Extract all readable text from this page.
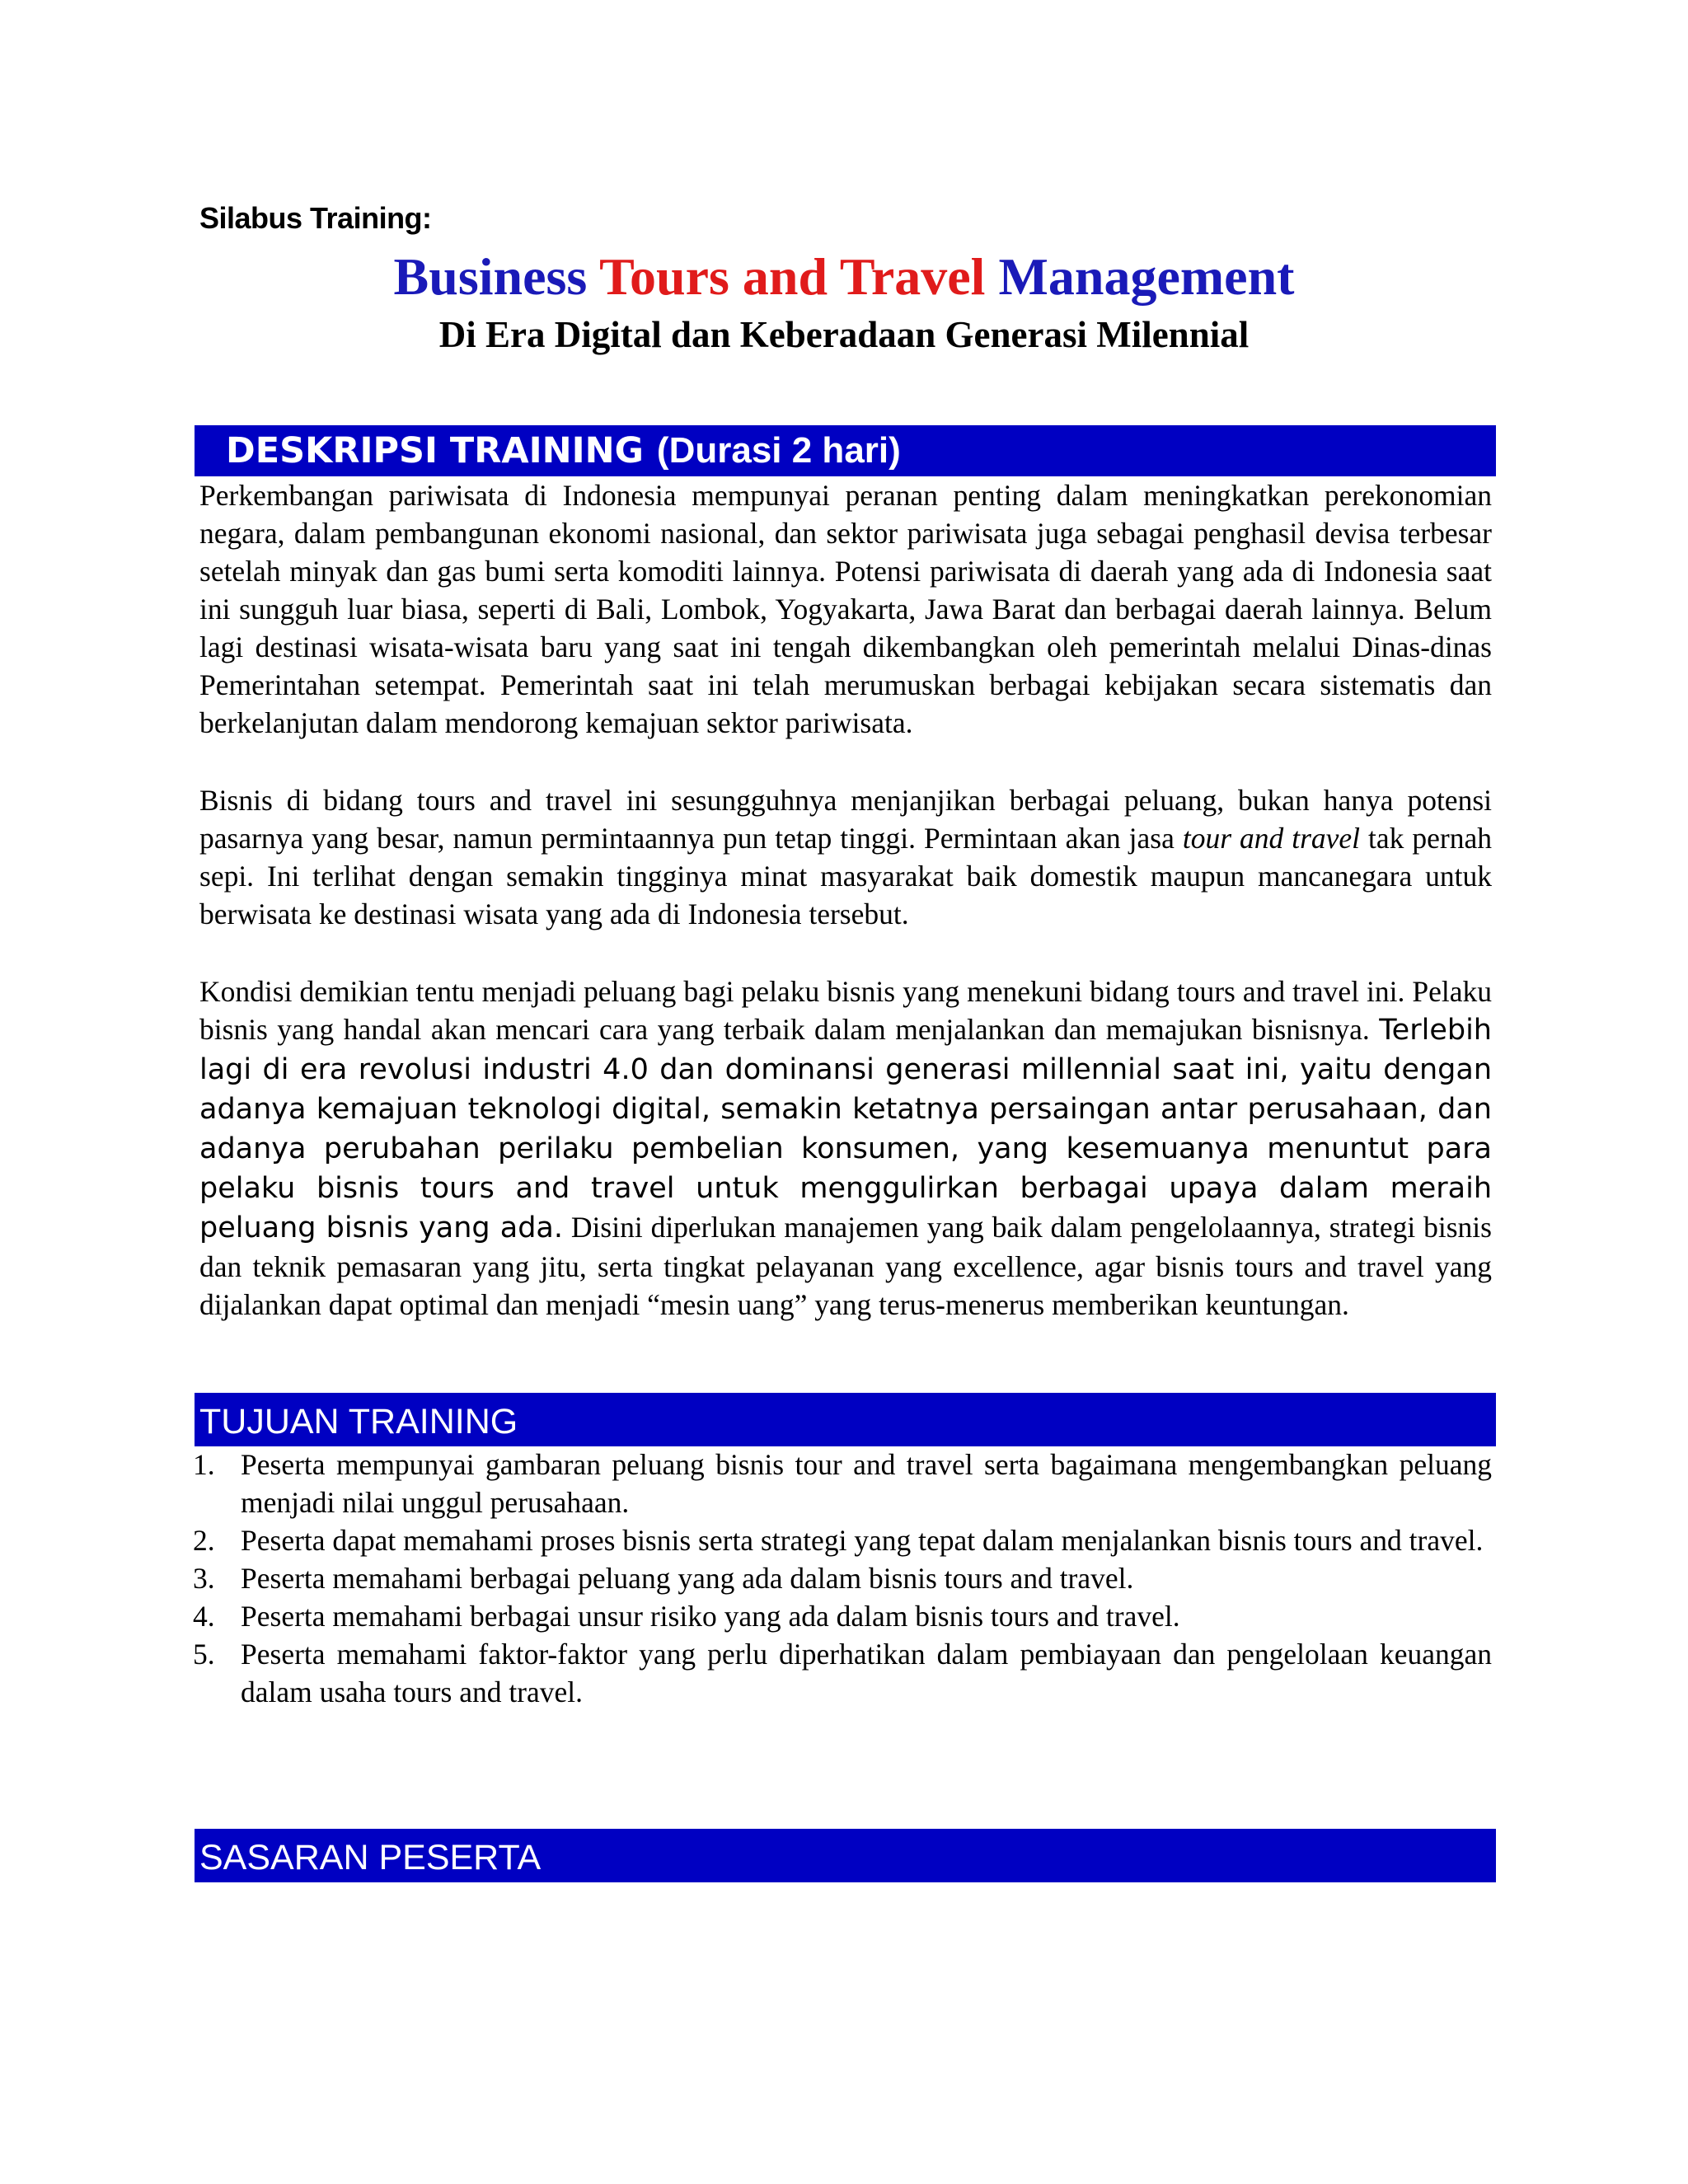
Silabus Training:
Business Tours and Travel Management
Di Era Digital dan Keberadaan Generasi Milennial
DESKRIPSI TRAINING (Durasi 2 hari)
Perkembangan pariwisata di Indonesia mempunyai peranan penting dalam meningkatkan perekonomian negara, dalam pembangunan ekonomi nasional, dan sektor pariwisata juga sebagai penghasil devisa terbesar setelah minyak dan gas bumi serta komoditi lainnya. Potensi pariwisata di daerah yang ada di Indonesia saat ini sungguh luar biasa, seperti di Bali, Lombok, Yogyakarta, Jawa Barat dan berbagai daerah lainnya. Belum lagi destinasi wisata-wisata baru yang saat ini tengah dikembangkan oleh pemerintah melalui Dinas-dinas Pemerintahan setempat. Pemerintah saat ini telah merumuskan berbagai kebijakan secara sistematis dan berkelanjutan dalam mendorong kemajuan sektor pariwisata.
Bisnis di bidang tours and travel ini sesungguhnya menjanjikan berbagai peluang, bukan hanya potensi pasarnya yang besar, namun permintaannya pun tetap tinggi. Permintaan akan jasa tour and travel tak pernah sepi. Ini terlihat dengan semakin tingginya minat masyarakat baik domestik maupun mancanegara untuk berwisata ke destinasi wisata yang ada di Indonesia tersebut.
Kondisi demikian tentu menjadi peluang bagi pelaku bisnis yang menekuni bidang tours and travel ini. Pelaku bisnis yang handal akan mencari cara yang terbaik dalam menjalankan dan memajukan bisnisnya. Terlebih lagi di era revolusi industri 4.0 dan dominansi generasi millennial saat ini, yaitu dengan adanya kemajuan teknologi digital, semakin ketatnya persaingan antar perusahaan, dan adanya perubahan perilaku pembelian konsumen, yang kesemuanya menuntut para pelaku bisnis tours and travel untuk menggulirkan berbagai upaya dalam meraih peluang bisnis yang ada. Disini diperlukan manajemen yang baik dalam pengelolaannya, strategi bisnis dan teknik pemasaran yang jitu, serta tingkat pelayanan yang excellence, agar bisnis tours and travel yang dijalankan dapat optimal dan menjadi “mesin uang” yang terus-menerus memberikan keuntungan.
TUJUAN TRAINING
1. Peserta mempunyai gambaran peluang bisnis tour and travel serta bagaimana mengembangkan peluang menjadi nilai unggul perusahaan.
2. Peserta dapat memahami proses bisnis serta strategi yang tepat dalam menjalankan bisnis tours and travel.
3. Peserta memahami berbagai peluang yang ada dalam bisnis tours and travel.
4. Peserta memahami berbagai unsur risiko yang ada dalam bisnis tours and travel.
5. Peserta memahami faktor-faktor yang perlu diperhatikan dalam pembiayaan dan pengelolaan keuangan dalam usaha tours and travel.
SASARAN PESERTA
